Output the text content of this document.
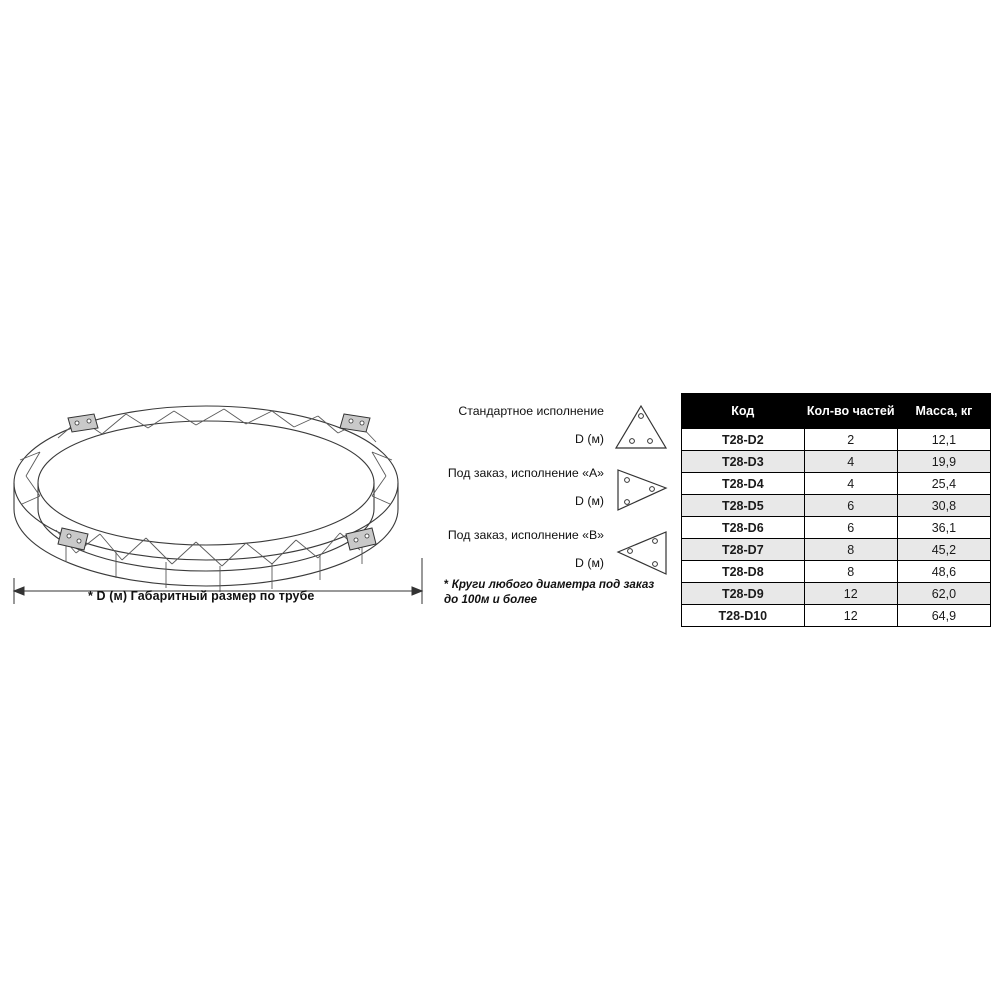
* D (м) Габаритный размер по трубе
Стандартное исполнение
D (м)
Под заказ, исполнение «A»
D (м)
Под заказ, исполнение «B»
D (м)
* Круги любого диаметра под заказ
до 100м и более
Код	Кол-во частей	Масса, кг
T28-D2	2	12,1
T28-D3	4	19,9
T28-D4	4	25,4
T28-D5	6	30,8
T28-D6	6	36,1
T28-D7	8	45,2
T28-D8	8	48,6
T28-D9	12	62,0
T28-D10	12	64,9
